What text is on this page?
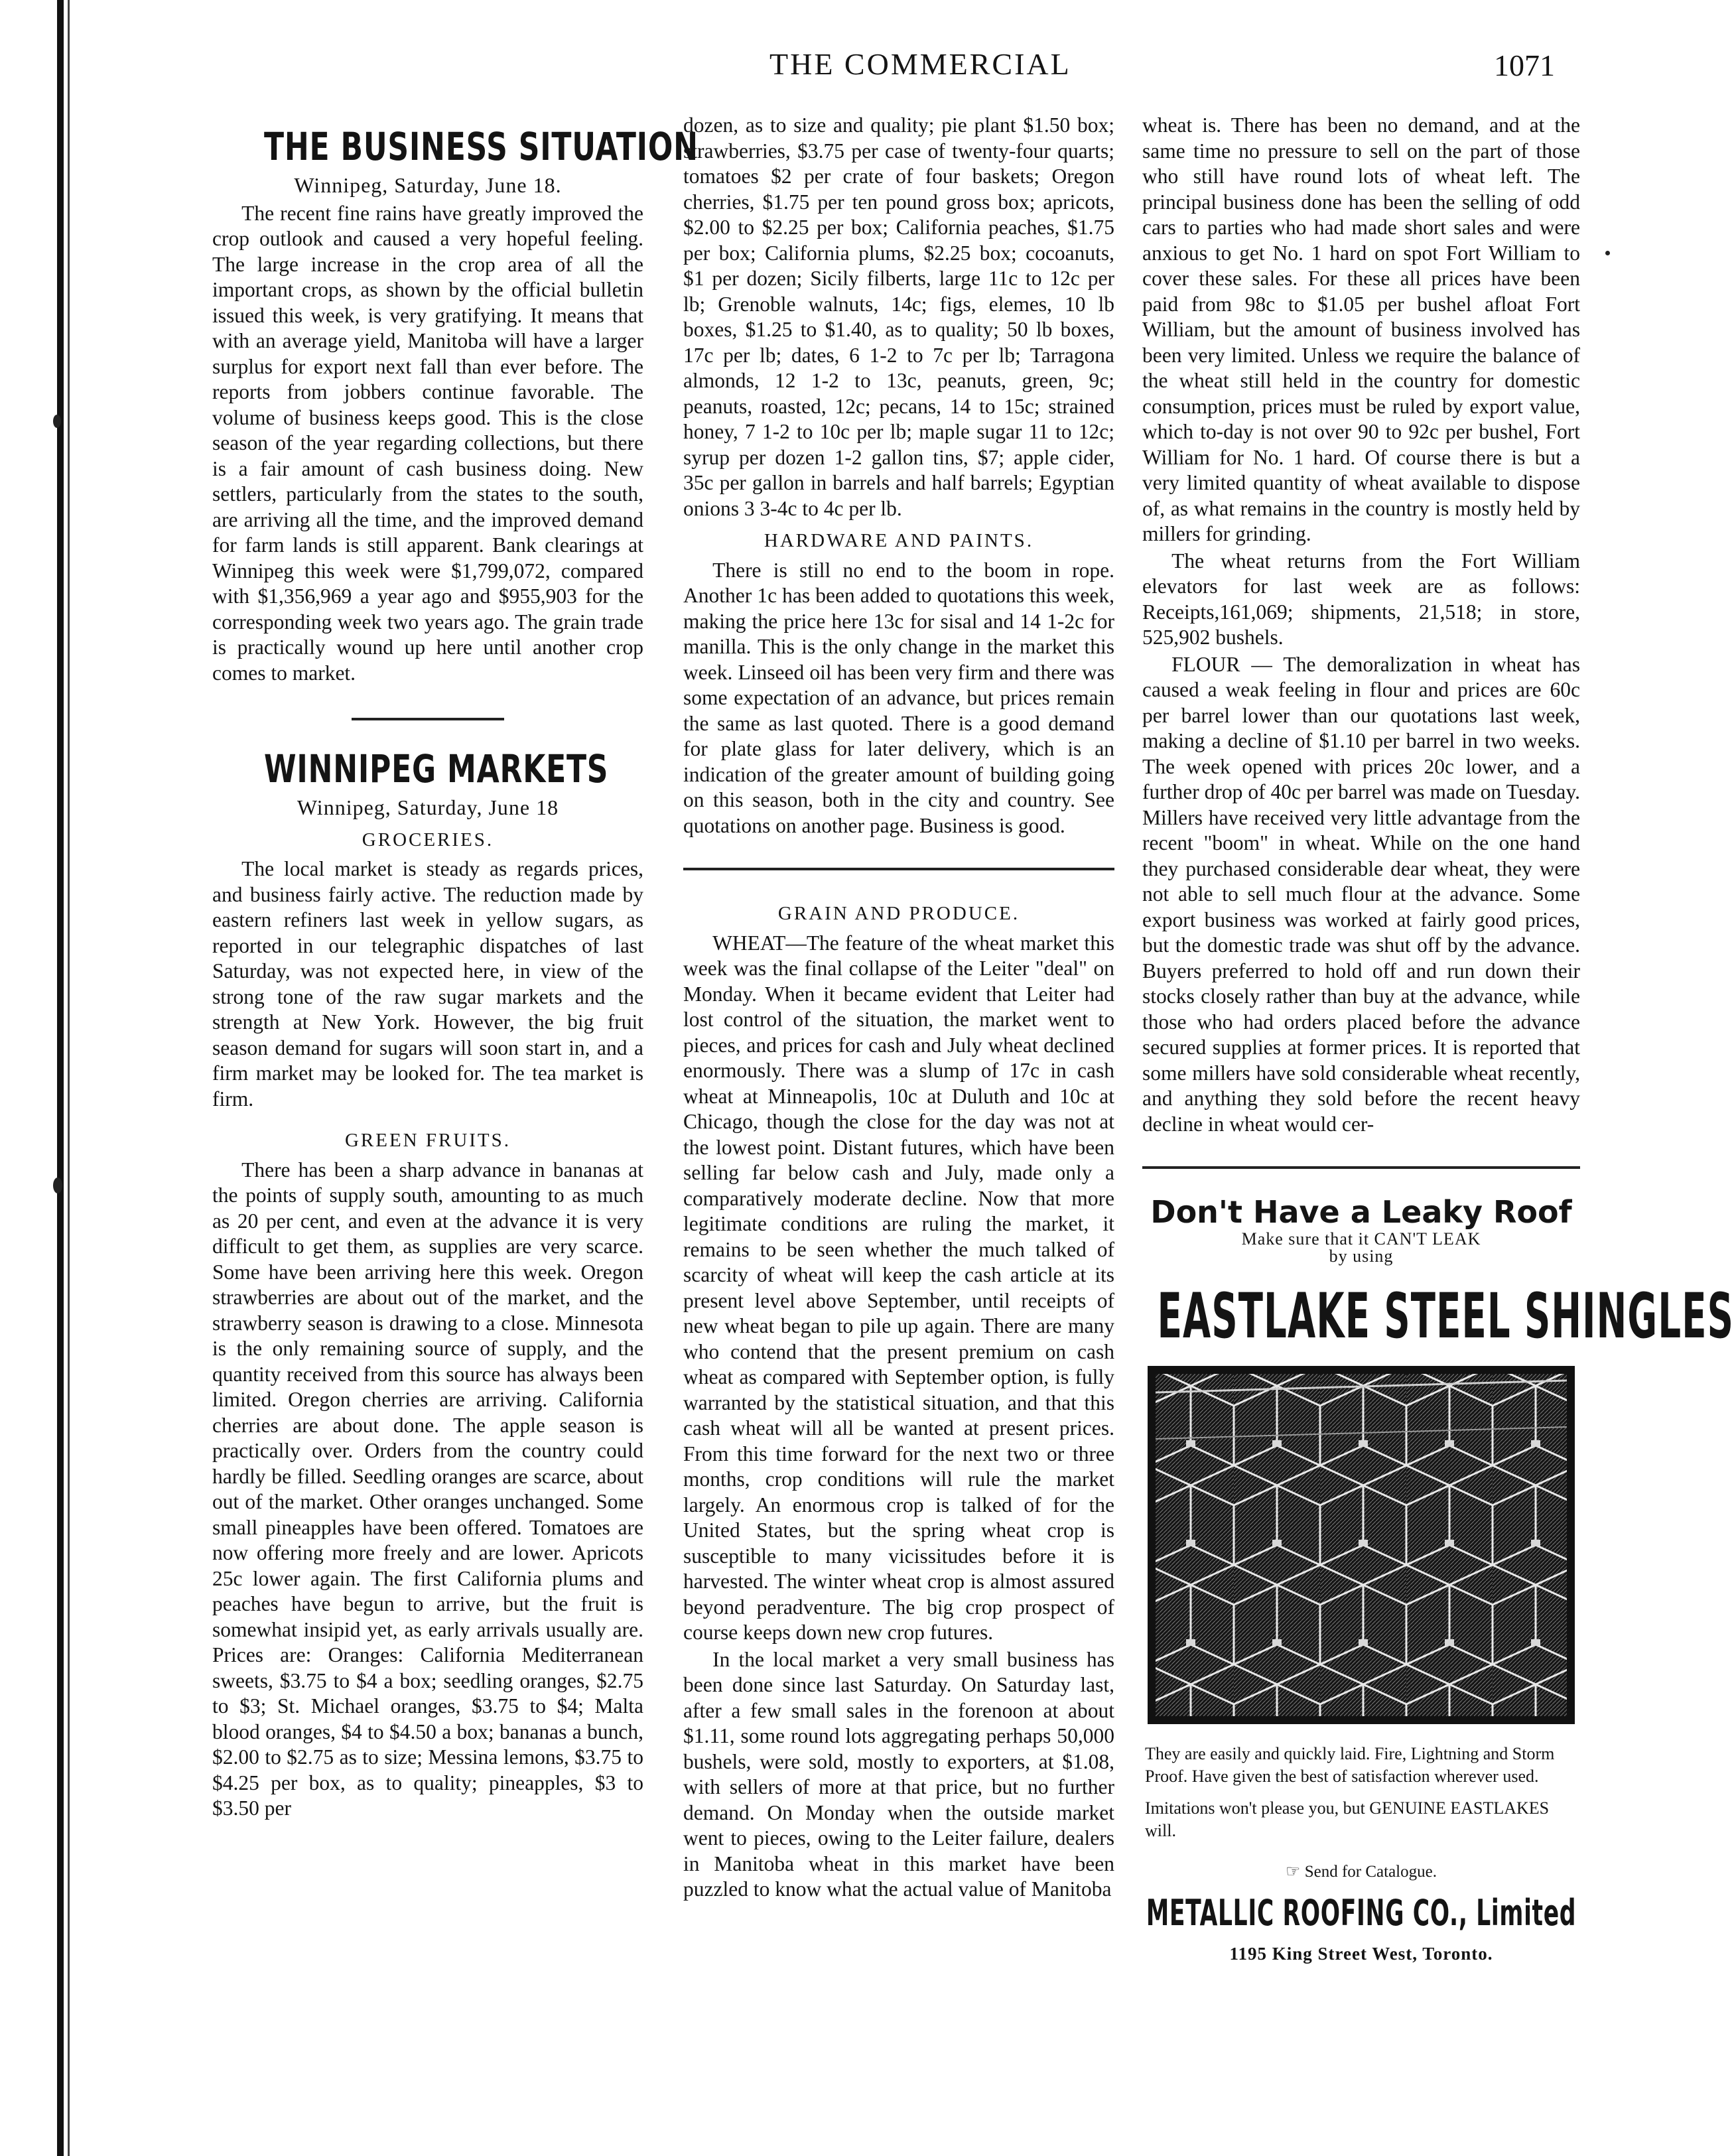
THE COMMERCIAL	1071
THE BUSINESS SITUATION
Winnipeg, Saturday, June 18.

The recent fine rains have greatly improved the crop outlook and caused a very hopeful feeling. The large increase in the crop area of all the important crops, as shown by the official bulletin issued this week, is very gratifying. It means that with an average yield, Manitoba will have a larger surplus for export next fall than ever before. The reports from jobbers continue favorable. The volume of business keeps good. This is the close season of the year regarding collections, but there is a fair amount of cash business doing. New settlers, particularly from the states to the south, are arriving all the time, and the improved demand for farm lands is still apparent. Bank clearings at Winnipeg this week were $1,799,072, compared with $1,356,969 a year ago and $955,903 for the corresponding week two years ago. The grain trade is practically wound up here until another crop comes to market.

WINNIPEG MARKETS
Winnipeg, Saturday, June 18
GROCERIES.

The local market is steady as regards prices, and business fairly active. The reduction made by eastern refiners last week in yellow sugars, as reported in our telegraphic dispatches of last Saturday, was not expected here, in view of the strong tone of the raw sugar markets and the strength at New York. However, the big fruit season demand for sugars will soon start in, and a firm market may be looked for. The tea market is firm.

GREEN FRUITS.

There has been a sharp advance in bananas at the points of supply south, amounting to as much as 20 per cent, and even at the advance it is very difficult to get them, as supplies are very scarce. Some have been arriving here this week. Oregon strawberries are about out of the market, and the strawberry season is drawing to a close. Minnesota is the only remaining source of supply, and the quantity received from this source has always been limited. Oregon cherries are arriving. California cherries are about done. The apple season is practically over. Orders from the country could hardly be filled. Seedling oranges are scarce, about out of the market. Other oranges unchanged. Some small pineapples have been offered. Tomatoes are now offering more freely and are lower. Apricots 25c lower again. The first California plums and peaches have begun to arrive, but the fruit is somewhat insipid yet, as early arrivals usually are. Prices are: Oranges: California Mediterranean sweets, $3.75 to $4 a box; seedling oranges, $2.75 to $3; St. Michael oranges, $3.75 to $4; Malta blood oranges, $4 to $4.50 a box; bananas a bunch, $2.00 to $2.75 as to size; Messina lemons, $3.75 to $4.25 per box, as to quality; pineapples, $3 to $3.50 per

dozen, as to size and quality; pie plant $1.50 box; strawberries, $3.75 per case of twenty-four quarts; tomatoes $2 per crate of four baskets; Oregon cherries, $1.75 per ten pound gross box; apricots, $2.00 to $2.25 per box; California peaches, $1.75 per box; California plums, $2.25 box; cocoanuts, $1 per dozen; Sicily filberts, large 11c to 12c per lb; Grenoble walnuts, 14c; figs, elemes, 10 lb boxes, $1.25 to $1.40, as to quality; 50 lb boxes, 17c per lb; dates, 6 1-2 to 7c per lb; Tarragona almonds, 12 1-2 to 13c, peanuts, green, 9c; peanuts, roasted, 12c; pecans, 14 to 15c; strained honey, 7 1-2 to 10c per lb; maple sugar 11 to 12c; syrup per dozen 1-2 gallon tins, $7; apple cider, 35c per gallon in barrels and half barrels; Egyptian onions 3 3-4c to 4c per lb.

HARDWARE AND PAINTS.

There is still no end to the boom in rope. Another 1c has been added to quotations this week, making the price here 13c for sisal and 14 1-2c for manilla. This is the only change in the market this week. Linseed oil has been very firm and there was some expectation of an advance, but prices remain the same as last quoted. There is a good demand for plate glass for later delivery, which is an indication of the greater amount of building going on this season, both in the city and country. See quotations on another page. Business is good.

GRAIN AND PRODUCE.

WHEAT—The feature of the wheat market this week was the final collapse of the Leiter "deal" on Monday. When it became evident that Leiter had lost control of the situation, the market went to pieces, and prices for cash and July wheat declined enormously. There was a slump of 17c in cash wheat at Minneapolis, 10c at Duluth and 10c at Chicago, though the close for the day was not at the lowest point. Distant futures, which have been selling far below cash and July, made only a comparatively moderate decline. Now that more legitimate conditions are ruling the market, it remains to be seen whether the much talked of scarcity of wheat will keep the cash article at its present level above September, until receipts of new wheat began to pile up again. There are many who contend that the present premium on cash wheat as compared with September option, is fully warranted by the statistical situation, and that this cash wheat will all be wanted at present prices. From this time forward for the next two or three months, crop conditions will rule the market largely. An enormous crop is talked of for the United States, but the spring wheat crop is susceptible to many vicissitudes before it is harvested. The winter wheat crop is almost assured beyond peradventure. The big crop prospect of course keeps down new crop futures.

In the local market a very small business has been done since last Saturday. On Saturday last, after a few small sales in the forenoon at about $1.11, some round lots aggregating perhaps 50,000 bushels, were sold, mostly to exporters, at $1.08, with sellers of more at that price, but no further demand. On Monday when the outside market went to pieces, owing to the Leiter failure, dealers in Manitoba wheat in this market have been puzzled to know what the actual value of Manitoba

wheat is. There has been no demand, and at the same time no pressure to sell on the part of those who still have round lots of wheat left. The principal business done has been the selling of odd cars to parties who had made short sales and were anxious to get No. 1 hard on spot Fort William to cover these sales. For these all prices have been paid from 98c to $1.05 per bushel afloat Fort William, but the amount of business involved has been very limited. Unless we require the balance of the wheat still held in the country for domestic consumption, prices must be ruled by export value, which to-day is not over 90 to 92c per bushel, Fort William for No. 1 hard. Of course there is but a very limited quantity of wheat available to dispose of, as what remains in the country is mostly held by millers for grinding.

The wheat returns from the Fort William elevators for last week are as follows: Receipts,161,069; shipments, 21,518; in store, 525,902 bushels.

FLOUR — The demoralization in wheat has caused a weak feeling in flour and prices are 60c per barrel lower than our quotations last week, making a decline of $1.10 per barrel in two weeks. The week opened with prices 20c lower, and a further drop of 40c per barrel was made on Tuesday. Millers have received very little advantage from the recent "boom" in wheat. While on the one hand they purchased considerable dear wheat, they were not able to sell much flour at the advance. Some export business was worked at fairly good prices, but the domestic trade was shut off by the advance. Buyers preferred to hold off and run down their stocks closely rather than buy at the advance, while those who had orders placed before the advance secured supplies at former prices. It is reported that some millers have sold considerable wheat recently, and anything they sold before the recent heavy decline in wheat would cer-

Don't Have a Leaky Roof
Make sure that it CAN'T LEAK
by using
EASTLAKE STEEL SHINGLES
They are easily and quickly laid. Fire, Lightning and Storm Proof. Have given the best of satisfaction wherever used.
Imitations won't please you, but GENUINE EASTLAKES will.
☞ Send for Catalogue.
METALLIC ROOFING CO., Limited
1195 King Street West, Toronto.
